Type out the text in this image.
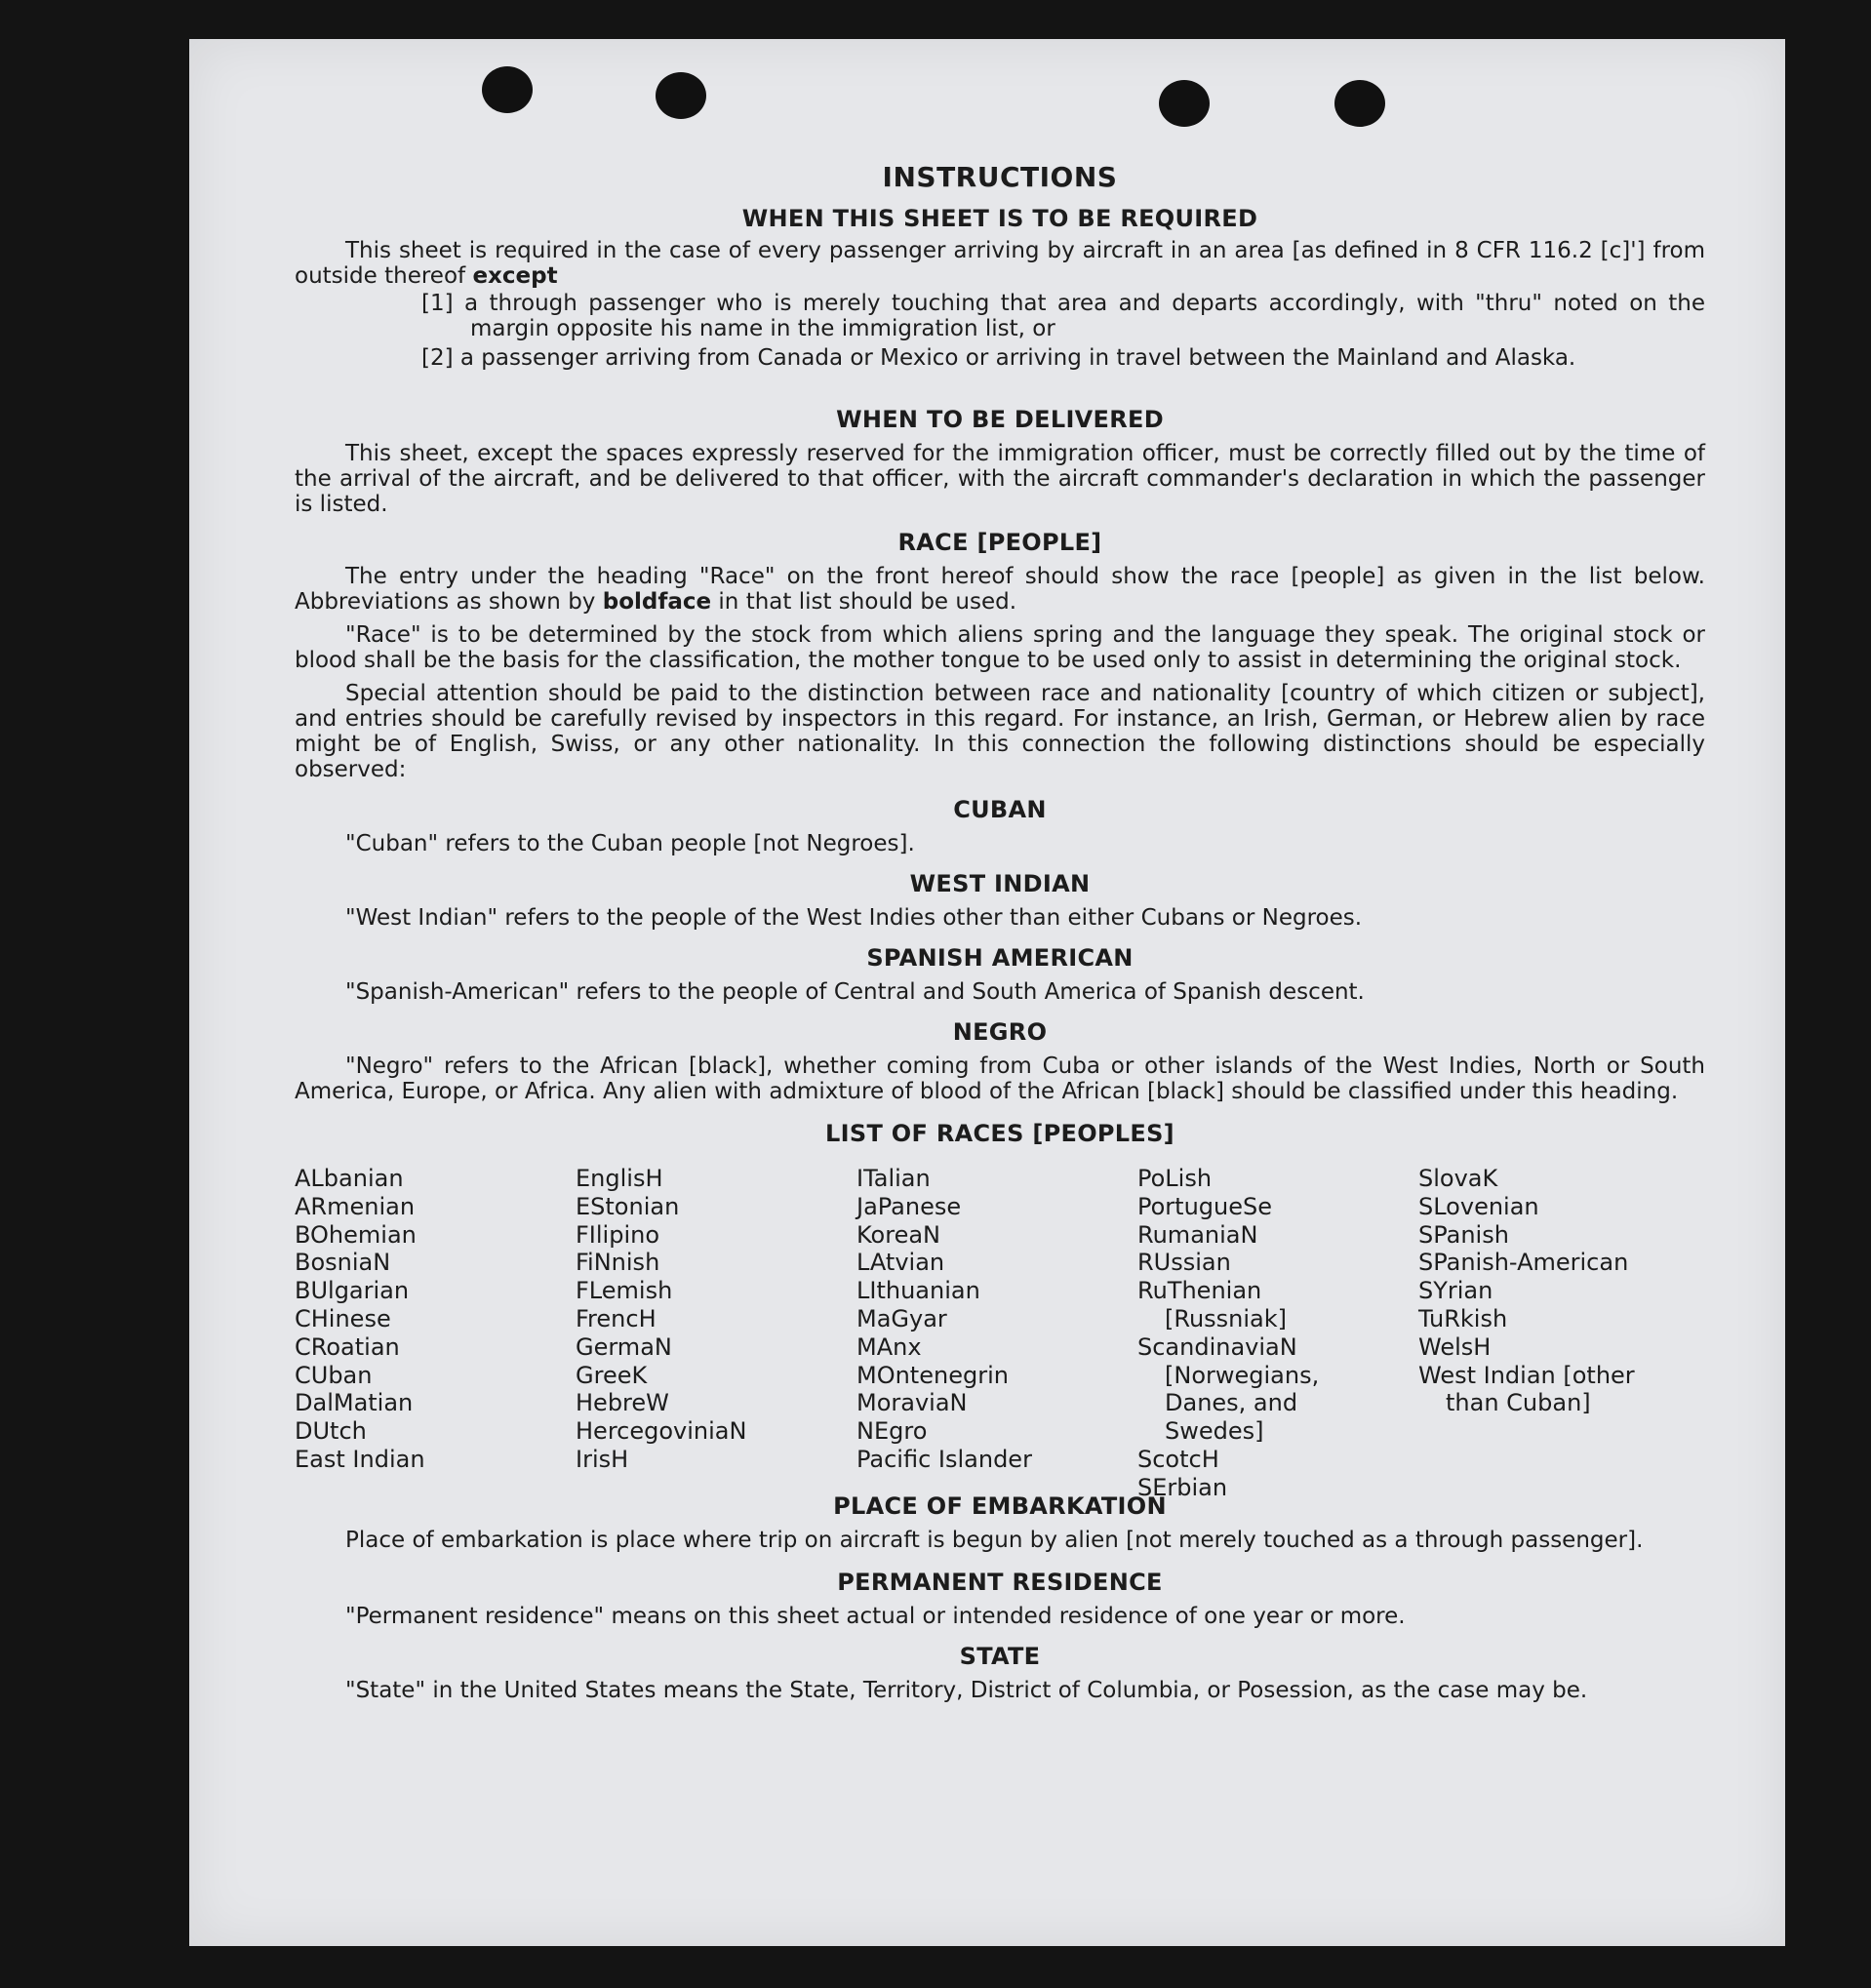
INSTRUCTIONS
WHEN THIS SHEET IS TO BE REQUIRED

This sheet is required in the case of every passenger arriving by aircraft in an area [as defined in 8 CFR 116.2 [c]'] from outside thereof except

[1] a through passenger who is merely touching that area and departs accordingly, with "thru" noted on the margin opposite his name in the immigration list, or
[2] a passenger arriving from Canada or Mexico or arriving in travel between the Mainland and Alaska.
WHEN TO BE DELIVERED

This sheet, except the spaces expressly reserved for the immigration officer, must be correctly filled out by the time of the arrival of the aircraft, and be delivered to that officer, with the aircraft commander's declaration in which the passenger is listed.

RACE [PEOPLE]

The entry under the heading "Race" on the front hereof should show the race [people] as given in the list below. Abbreviations as shown by boldface in that list should be used.

"Race" is to be determined by the stock from which aliens spring and the language they speak. The original stock or blood shall be the basis for the classification, the mother tongue to be used only to assist in determining the original stock.

Special attention should be paid to the distinction between race and nationality [country of which citizen or subject], and entries should be carefully revised by inspectors in this regard. For instance, an Irish, German, or Hebrew alien by race might be of English, Swiss, or any other nationality. In this connection the following distinctions should be especially observed:

CUBAN

"Cuban" refers to the Cuban people [not Negroes].

WEST INDIAN

"West Indian" refers to the people of the West Indies other than either Cubans or Negroes.

SPANISH AMERICAN

"Spanish-American" refers to the people of Central and South America of Spanish descent.

NEGRO

"Negro" refers to the African [black], whether coming from Cuba or other islands of the West Indies, North or South America, Europe, or Africa. Any alien with admixture of blood of the African [black] should be classified under this heading.

LIST OF RACES [PEOPLES]
ALbanian
ARmenian
BOhemian
BosniaN
BUlgarian
CHinese
CRoatian
CUban
DalMatian
DUtch
East Indian
EnglisH
EStonian
FIlipino
FiNnish
FLemish
FrencH
GermaN
GreeK
HebreW
HercegoviniaN
IrisH
ITalian
JaPanese
KoreaN
LAtvian
LIthuanian
MaGyar
MAnx
MOntenegrin
MoraviaN
NEgro
Pacific Islander
PoLish
PortugueSe
RumaniaN
RUssian
RuThenian [Russniak]
ScandinaviaN [Norwegians, Danes, and Swedes]
ScotcH
SErbian
SlovaK
SLovenian
SPanish
SPanish-American
SYrian
TuRkish
WelsH
West Indian [other than Cuban]
PLACE OF EMBARKATION

Place of embarkation is place where trip on aircraft is begun by alien [not merely touched as a through passenger].

PERMANENT RESIDENCE

"Permanent residence" means on this sheet actual or intended residence of one year or more.

STATE

"State" in the United States means the State, Territory, District of Columbia, or Posession, as the case may be.
